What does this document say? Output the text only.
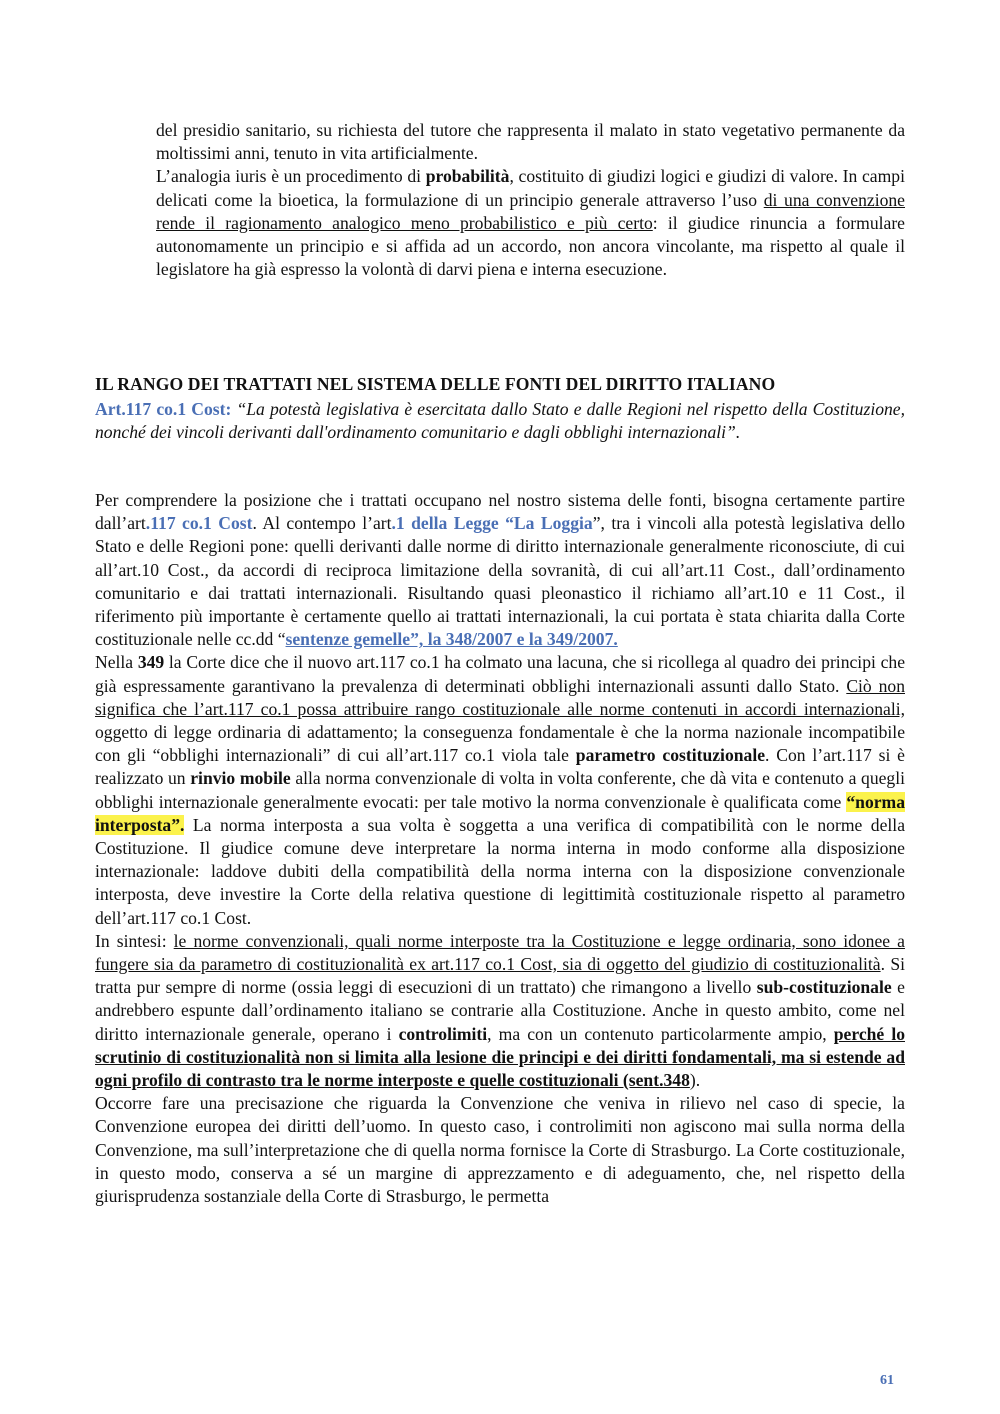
del presidio sanitario, su richiesta del tutore che rappresenta il malato in stato vegetativo permanente da moltissimi anni, tenuto in vita artificialmente.

L’analogia iuris è un procedimento di probabilità, costituito di giudizi logici e giudizi di valore. In campi delicati come la bioetica, la formulazione di un principio generale attraverso l’uso di una convenzione rende il ragionamento analogico meno probabilistico e più certo: il giudice rinuncia a formulare autonomamente un principio e si affida ad un accordo, non ancora vincolante, ma rispetto al quale il legislatore ha già espresso la volontà di darvi piena e interna esecuzione.

IL RANGO DEI TRATTATI NEL SISTEMA DELLE FONTI DEL DIRITTO ITALIANO
Art.117 co.1 Cost: “La potestà legislativa è esercitata dallo Stato e dalle Regioni nel rispetto della Costituzione, nonché dei vincoli derivanti dall'ordinamento comunitario e dagli obblighi internazionali”.

Per comprendere la posizione che i trattati occupano nel nostro sistema delle fonti, bisogna certamente partire dall’art.117 co.1 Cost. Al contempo l’art.1 della Legge “La Loggia”, tra i vincoli alla potestà legislativa dello Stato e delle Regioni pone: quelli derivanti dalle norme di diritto internazionale generalmente riconosciute, di cui all’art.10 Cost., da accordi di reciproca limitazione della sovranità, di cui all’art.11 Cost., dall’ordinamento comunitario e dai trattati internazionali. Risultando quasi pleonastico il richiamo all’art.10 e 11 Cost., il riferimento più importante è certamente quello ai trattati internazionali, la cui portata è stata chiarita dalla Corte costituzionale nelle cc.dd “sentenze gemelle”, la 348/2007 e la 349/2007.

Nella 349 la Corte dice che il nuovo art.117 co.1 ha colmato una lacuna, che si ricollega al quadro dei principi che già espressamente garantivano la prevalenza di determinati obblighi internazionali assunti dallo Stato. Ciò non significa che l’art.117 co.1 possa attribuire rango costituzionale alle norme contenuti in accordi internazionali, oggetto di legge ordinaria di adattamento; la conseguenza fondamentale è che la norma nazionale incompatibile con gli “obblighi internazionali” di cui all’art.117 co.1 viola tale parametro costituzionale. Con l’art.117 si è realizzato un rinvio mobile alla norma convenzionale di volta in volta conferente, che dà vita e contenuto a quegli obblighi internazionale generalmente evocati: per tale motivo la norma convenzionale è qualificata come “norma interposta”. La norma interposta a sua volta è soggetta a una verifica di compatibilità con le norme della Costituzione. Il giudice comune deve interpretare la norma interna in modo conforme alla disposizione internazionale: laddove dubiti della compatibilità della norma interna con la disposizione convenzionale interposta, deve investire la Corte della relativa questione di legittimità costituzionale rispetto al parametro dell’art.117 co.1 Cost.

In sintesi: le norme convenzionali, quali norme interposte tra la Costituzione e legge ordinaria, sono idonee a fungere sia da parametro di costituzionalità ex art.117 co.1 Cost, sia di oggetto del giudizio di costituzionalità. Si tratta pur sempre di norme (ossia leggi di esecuzioni di un trattato) che rimangono a livello sub-costituzionale e andrebbero espunte dall’ordinamento italiano se contrarie alla Costituzione. Anche in questo ambito, come nel diritto internazionale generale, operano i controlimiti, ma con un contenuto particolarmente ampio, perché lo scrutinio di costituzionalità non si limita alla lesione die principi e dei diritti fondamentali, ma si estende ad ogni profilo di contrasto tra le norme interposte e quelle costituzionali (sent.348).

Occorre fare una precisazione che riguarda la Convenzione che veniva in rilievo nel caso di specie, la Convenzione europea dei diritti dell’uomo. In questo caso, i controlimiti non agiscono mai sulla norma della Convenzione, ma sull’interpretazione che di quella norma fornisce la Corte di Strasburgo. La Corte costituzionale, in questo modo, conserva a sé un margine di apprezzamento e di adeguamento, che, nel rispetto della giurisprudenza sostanziale della Corte di Strasburgo, le permetta

61
